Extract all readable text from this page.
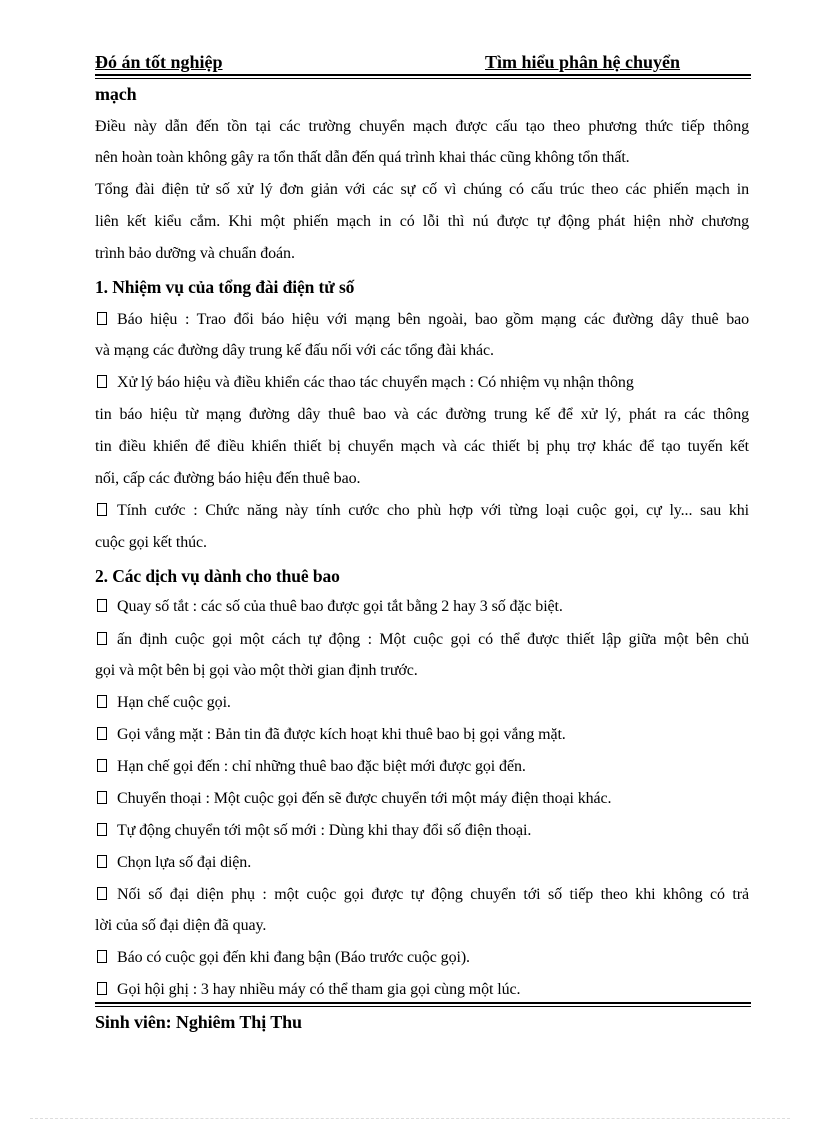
Đó án tốt nghiệp	Tìm hiểu phân hệ chuyển
mạch
Điều này dẫn đến tồn tại các trường chuyển mạch được cấu tạo theo phương thức tiếp thông
nên hoàn toàn không gây ra tổn thất dẫn đến quá trình khai thác cũng không tổn thất.
Tổng đài điện tử số xử lý đơn giản với các sự cố vì chúng có cấu trúc theo các phiến mạch in
liên kết kiểu cắm. Khi một phiến mạch in có lỗi thì nú được tự động phát hiện nhờ chương
trình bảo dưỡng và chuẩn đoán.
1. Nhiệm vụ của tổng đài điện tử số
Báo hiệu : Trao đổi báo hiệu với mạng bên ngoài, bao gồm mạng các đường dây thuê bao
và mạng các đường dây trung kế đấu nối với các tổng đài khác.
Xử lý báo hiệu và điều khiển các thao tác chuyển mạch : Có nhiệm vụ nhận thông
tin báo hiệu từ mạng đường dây thuê bao và các đường trung kế để xử lý, phát ra các thông
tin điều khiển để điều khiển thiết bị chuyển mạch và các thiết bị phụ trợ khác để tạo tuyến kết
nối, cấp các đường báo hiệu đến thuê bao.
Tính cước : Chức năng này tính cước cho phù hợp với từng loại cuộc gọi, cự ly... sau khi
cuộc gọi kết thúc.
2. Các dịch vụ dành cho thuê bao
Quay số tắt : các số của thuê bao được gọi tắt bằng 2 hay 3 số đặc biệt.
ấn định cuộc gọi một cách tự động : Một cuộc gọi có thể được thiết lập giữa một bên chủ
gọi và một bên bị gọi vào một thời gian định trước.
Hạn chế cuộc gọi.
Gọi vắng mặt : Bản tin đã được kích hoạt khi thuê bao bị gọi vắng mặt.
Hạn chế gọi đến : chỉ những thuê bao đặc biệt mới được gọi đến.
Chuyển thoại : Một cuộc gọi đến sẽ được chuyển tới một máy điện thoại khác.
Tự động chuyển tới một số mới : Dùng khi thay đổi số điện thoại.
Chọn lựa số đại diện.
Nối số đại diện phụ : một cuộc gọi được tự động chuyển tới số tiếp theo khi không có trả
lời của số đại diện đã quay.
Báo có cuộc gọi đến khi đang bận (Báo trước cuộc gọi).
Gọi hội ghị : 3 hay nhiều máy có thể tham gia gọi cùng một lúc.
Sinh viên: Nghiêm Thị Thu
